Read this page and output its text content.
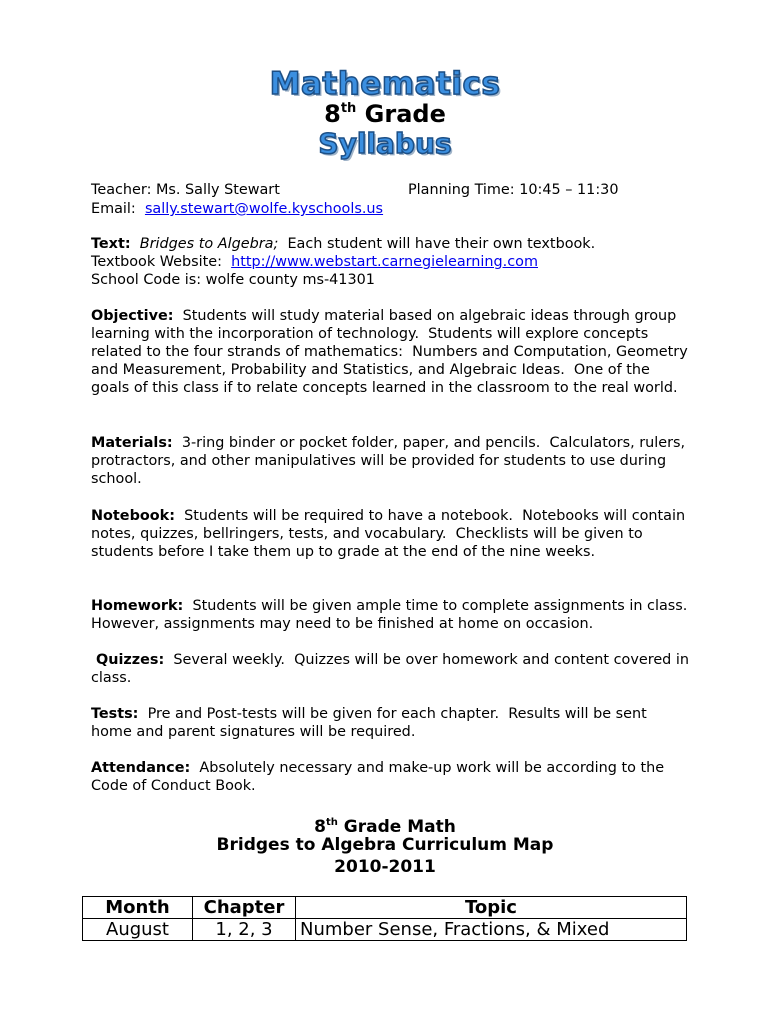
Mathematics
8th Grade
Syllabus
Teacher: Ms. Sally Stewart	Planning Time: 10:45 – 11:30
Email:  sally.stewart@wolfe.kyschools.us
Text: Bridges to Algebra;  Each student will have their own textbook.
Textbook Website:  http://www.webstart.carnegielearning.com
School Code is: wolfe county ms-41301
Objective:  Students will study material based on algebraic ideas through group learning with the incorporation of technology.  Students will explore concepts related to the four strands of mathematics:  Numbers and Computation, Geometry and Measurement, Probability and Statistics, and Algebraic Ideas.  One of the goals of this class if to relate concepts learned in the classroom to the real world.
Materials:  3-ring binder or pocket folder, paper, and pencils.  Calculators, rulers, protractors, and other manipulatives will be provided for students to use during school.
Notebook:  Students will be required to have a notebook.  Notebooks will contain notes, quizzes, bellringers, tests, and vocabulary.  Checklists will be given to students before I take them up to grade at the end of the nine weeks.
Homework:  Students will be given ample time to complete assignments in class.  However, assignments may need to be finished at home on occasion.
Quizzes:  Several weekly.  Quizzes will be over homework and content covered in class.
Tests:  Pre and Post-tests will be given for each chapter.  Results will be sent home and parent signatures will be required.
Attendance:  Absolutely necessary and make-up work will be according to the Code of Conduct Book.
8th Grade Math
Bridges to Algebra Curriculum Map
2010-2011
Month	Chapter	Topic
August	1, 2, 3	Number Sense, Fractions, & Mixed
